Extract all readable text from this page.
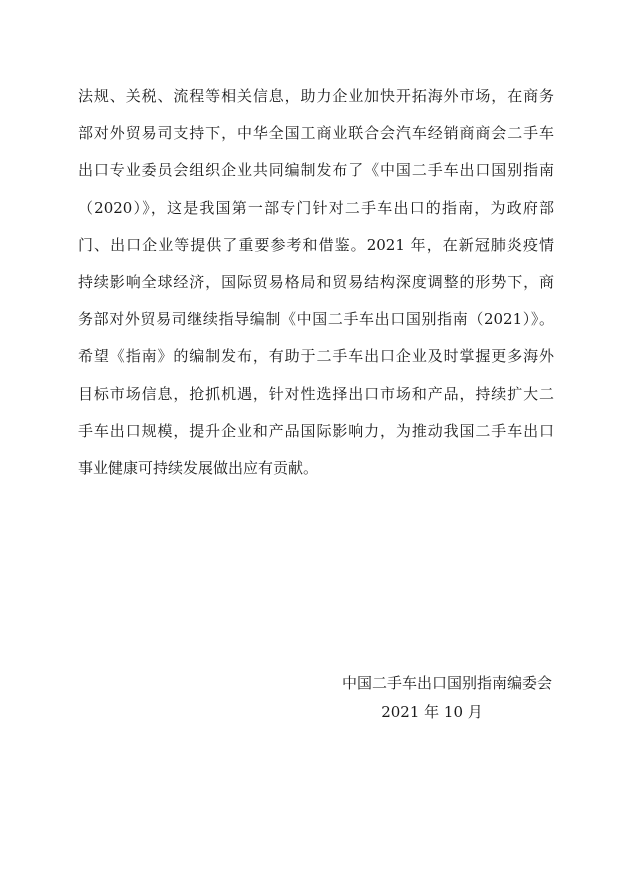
法规、关税、流程等相关信息，助力企业加快开拓海外市场，在商务
部对外贸易司支持下，中华全国工商业联合会汽车经销商商会二手车
出口专业委员会组织企业共同编制发布了《中国二手车出口国别指南
（2020）》，这是我国第一部专门针对二手车出口的指南，为政府部
门、出口企业等提供了重要参考和借鉴。2021 年，在新冠肺炎疫情
持续影响全球经济，国际贸易格局和贸易结构深度调整的形势下，商
务部对外贸易司继续指导编制《中国二手车出口国别指南（2021）》。
希望《指南》的编制发布，有助于二手车出口企业及时掌握更多海外
目标市场信息，抢抓机遇，针对性选择出口市场和产品，持续扩大二
手车出口规模，提升企业和产品国际影响力，为推动我国二手车出口
事业健康可持续发展做出应有贡献。
中国二手车出口国别指南编委会
2021 年 10 月
